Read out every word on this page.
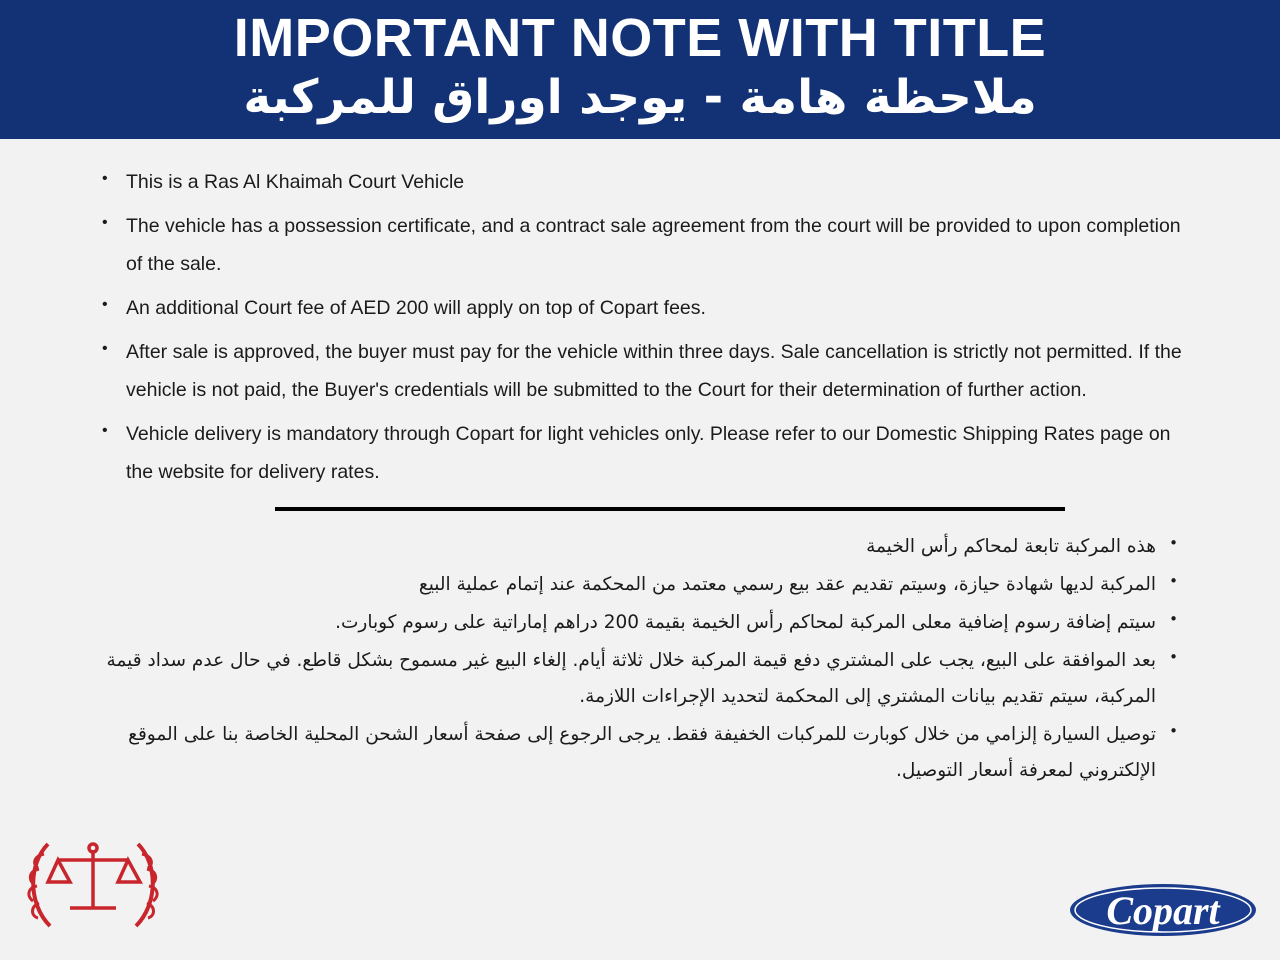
IMPORTANT NOTE WITH TITLE
ملاحظة هامة - يوجد اوراق للمركبة
• This is a Ras Al Khaimah Court Vehicle
• The vehicle has a possession certificate, and a contract sale agreement from the court will be provided to upon completion of the sale.
• An additional Court fee of AED 200 will apply on top of Copart fees.
• After sale is approved, the buyer must pay for the vehicle within three days. Sale cancellation is strictly not permitted. If the vehicle is not paid, the Buyer's credentials will be submitted to the Court for their determination of further action.
• Vehicle delivery is mandatory through Copart for light vehicles only. Please refer to our Domestic Shipping Rates page on the website for delivery rates.
• هذه المركبة تابعة لمحاكم رأس الخيمة
• المركبة لديها شهادة حيازة، وسيتم تقديم عقد بيع رسمي معتمد من المحكمة عند إتمام عملية البيع
• سيتم إضافة رسوم إضافية معلى المركبة لمحاكم رأس الخيمة بقيمة 200 دراهم إماراتية على رسوم كوبارت.
• بعد الموافقة على البيع، يجب على المشتري دفع قيمة المركبة خلال ثلاثة أيام. إلغاء البيع غير مسموح بشكل قاطع. في حال عدم سداد قيمة المركبة، سيتم تقديم بيانات المشتري إلى المحكمة لتحديد الإجراءات اللازمة.
• توصيل السيارة إلزامي من خلال كوبارت للمركبات الخفيفة فقط. يرجى الرجوع إلى صفحة أسعار الشحن المحلية الخاصة بنا على الموقع الإلكتروني لمعرفة أسعار التوصيل.
Copart
